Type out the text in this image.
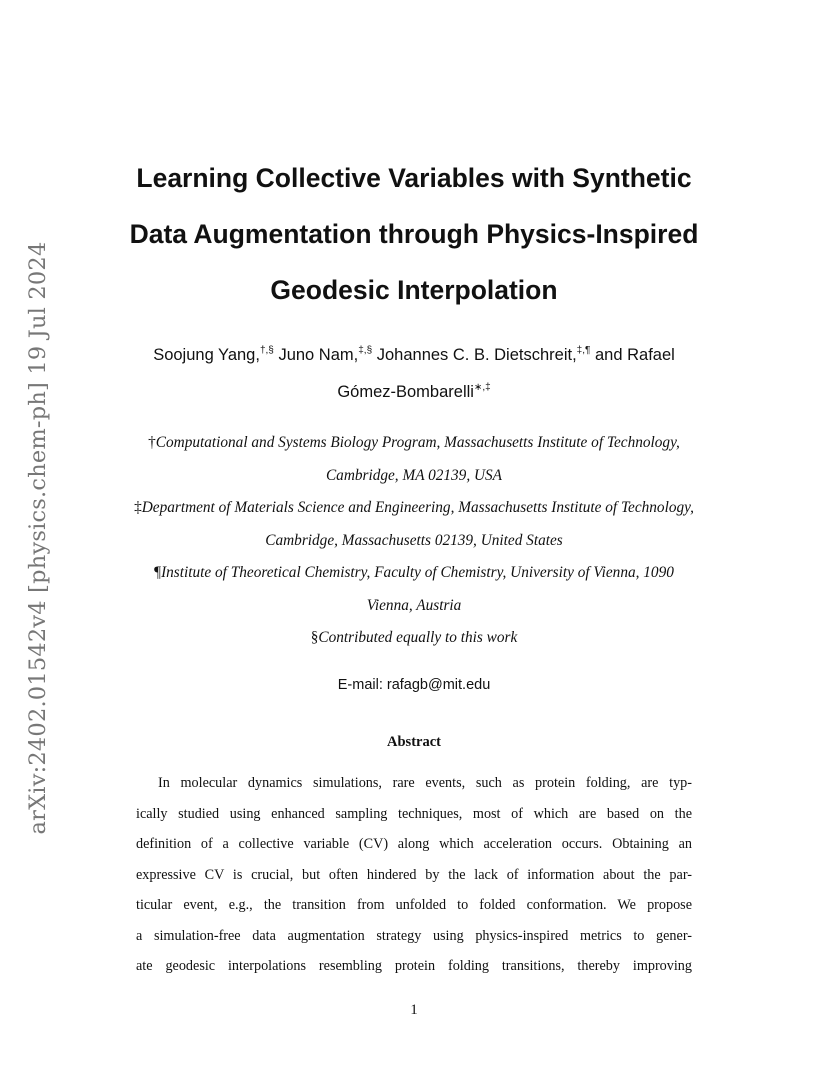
arXiv:2402.01542v4 [physics.chem-ph] 19 Jul 2024
Learning Collective Variables with Synthetic
Data Augmentation through Physics-Inspired
Geodesic Interpolation
Soojung Yang,†,§ Juno Nam,‡,§ Johannes C. B. Dietschreit,‡,¶ and Rafael
Gómez-Bombarelli∗,‡
†Computational and Systems Biology Program, Massachusetts Institute of Technology,
Cambridge, MA 02139, USA
‡Department of Materials Science and Engineering, Massachusetts Institute of Technology,
Cambridge, Massachusetts 02139, United States
¶Institute of Theoretical Chemistry, Faculty of Chemistry, University of Vienna, 1090
Vienna, Austria
§Contributed equally to this work
E-mail: rafagb@mit.edu
Abstract
In molecular dynamics simulations, rare events, such as protein folding, are typ-
ically studied using enhanced sampling techniques, most of which are based on the
definition of a collective variable (CV) along which acceleration occurs. Obtaining an
expressive CV is crucial, but often hindered by the lack of information about the par-
ticular event, e.g., the transition from unfolded to folded conformation. We propose
a simulation-free data augmentation strategy using physics-inspired metrics to gener-
ate geodesic interpolations resembling protein folding transitions, thereby improving
1
